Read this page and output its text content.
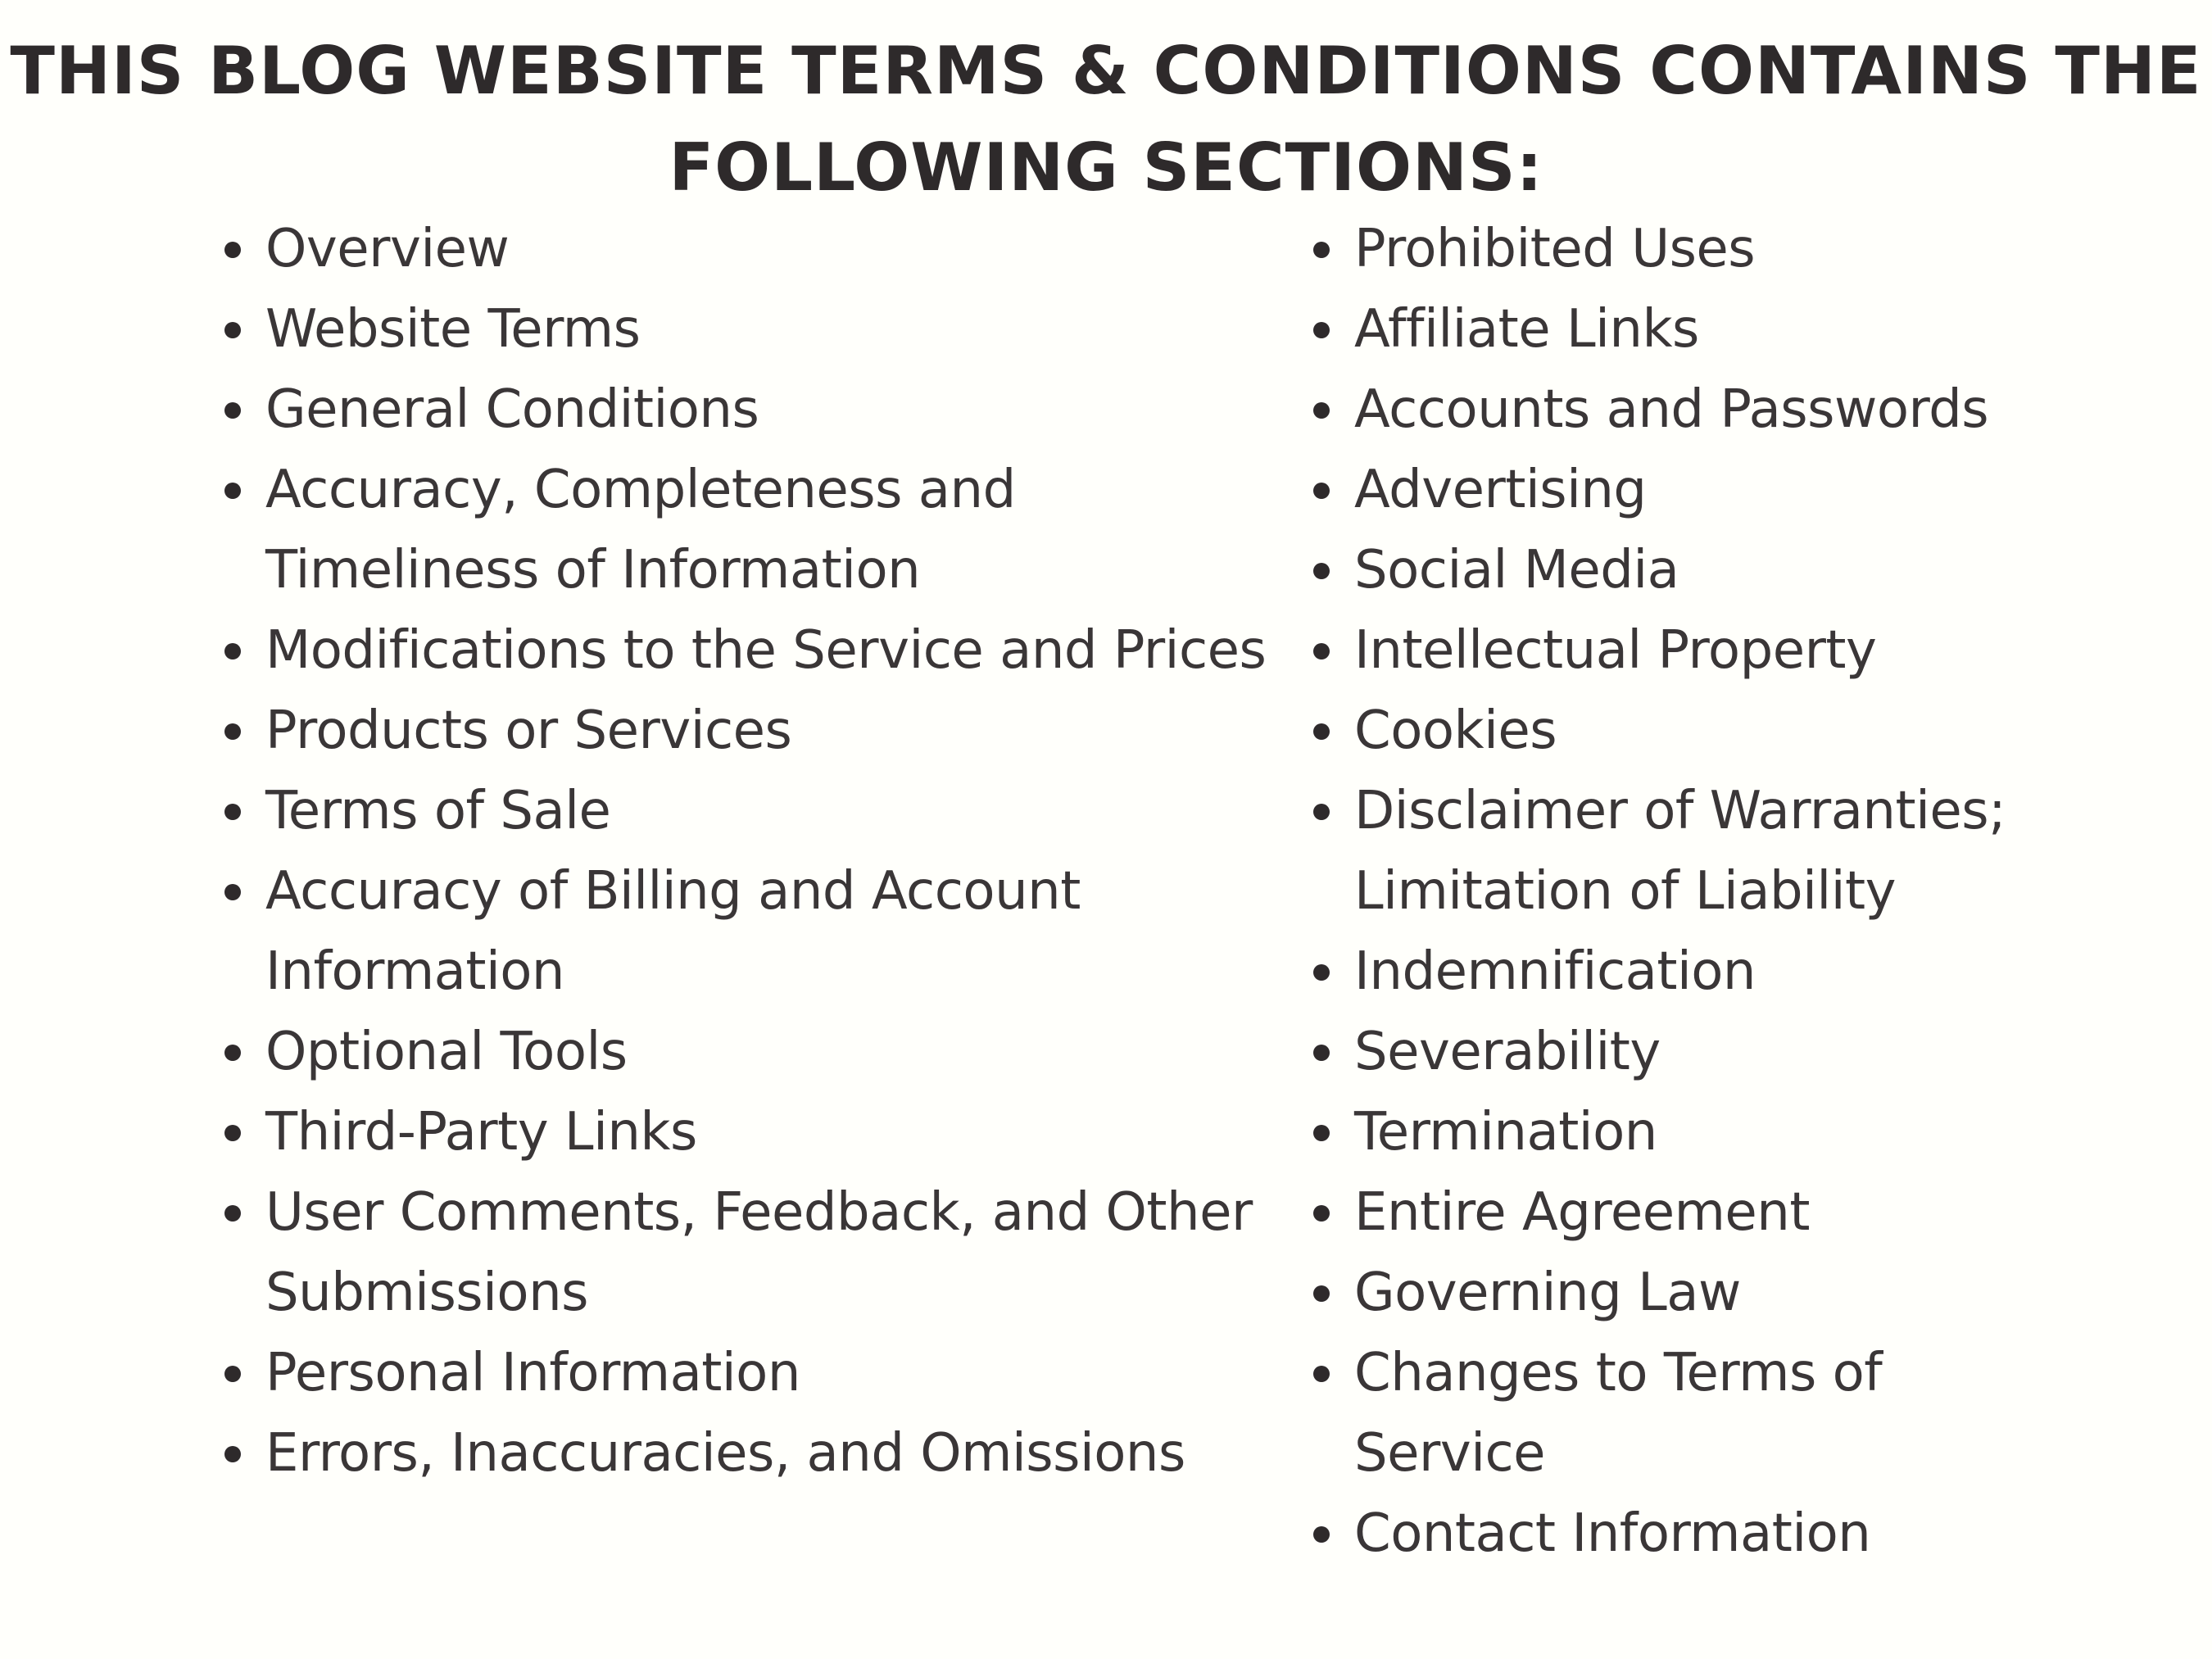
THIS BLOG WEBSITE TERMS & CONDITIONS CONTAINS THE
FOLLOWING SECTIONS:
Overview
Website Terms
General Conditions
Accuracy, Completeness and
Timeliness of Information
Modifications to the Service and Prices
Products or Services
Terms of Sale
Accuracy of Billing and Account
Information
Optional Tools
Third-Party Links
User Comments, Feedback, and Other
Submissions
Personal Information
Errors, Inaccuracies, and Omissions
Prohibited Uses
Affiliate Links
Accounts and Passwords
Advertising
Social Media
Intellectual Property
Cookies
Disclaimer of Warranties;
Limitation of Liability
Indemnification
Severability
Termination
Entire Agreement
Governing Law
Changes to Terms of
Service
Contact Information
